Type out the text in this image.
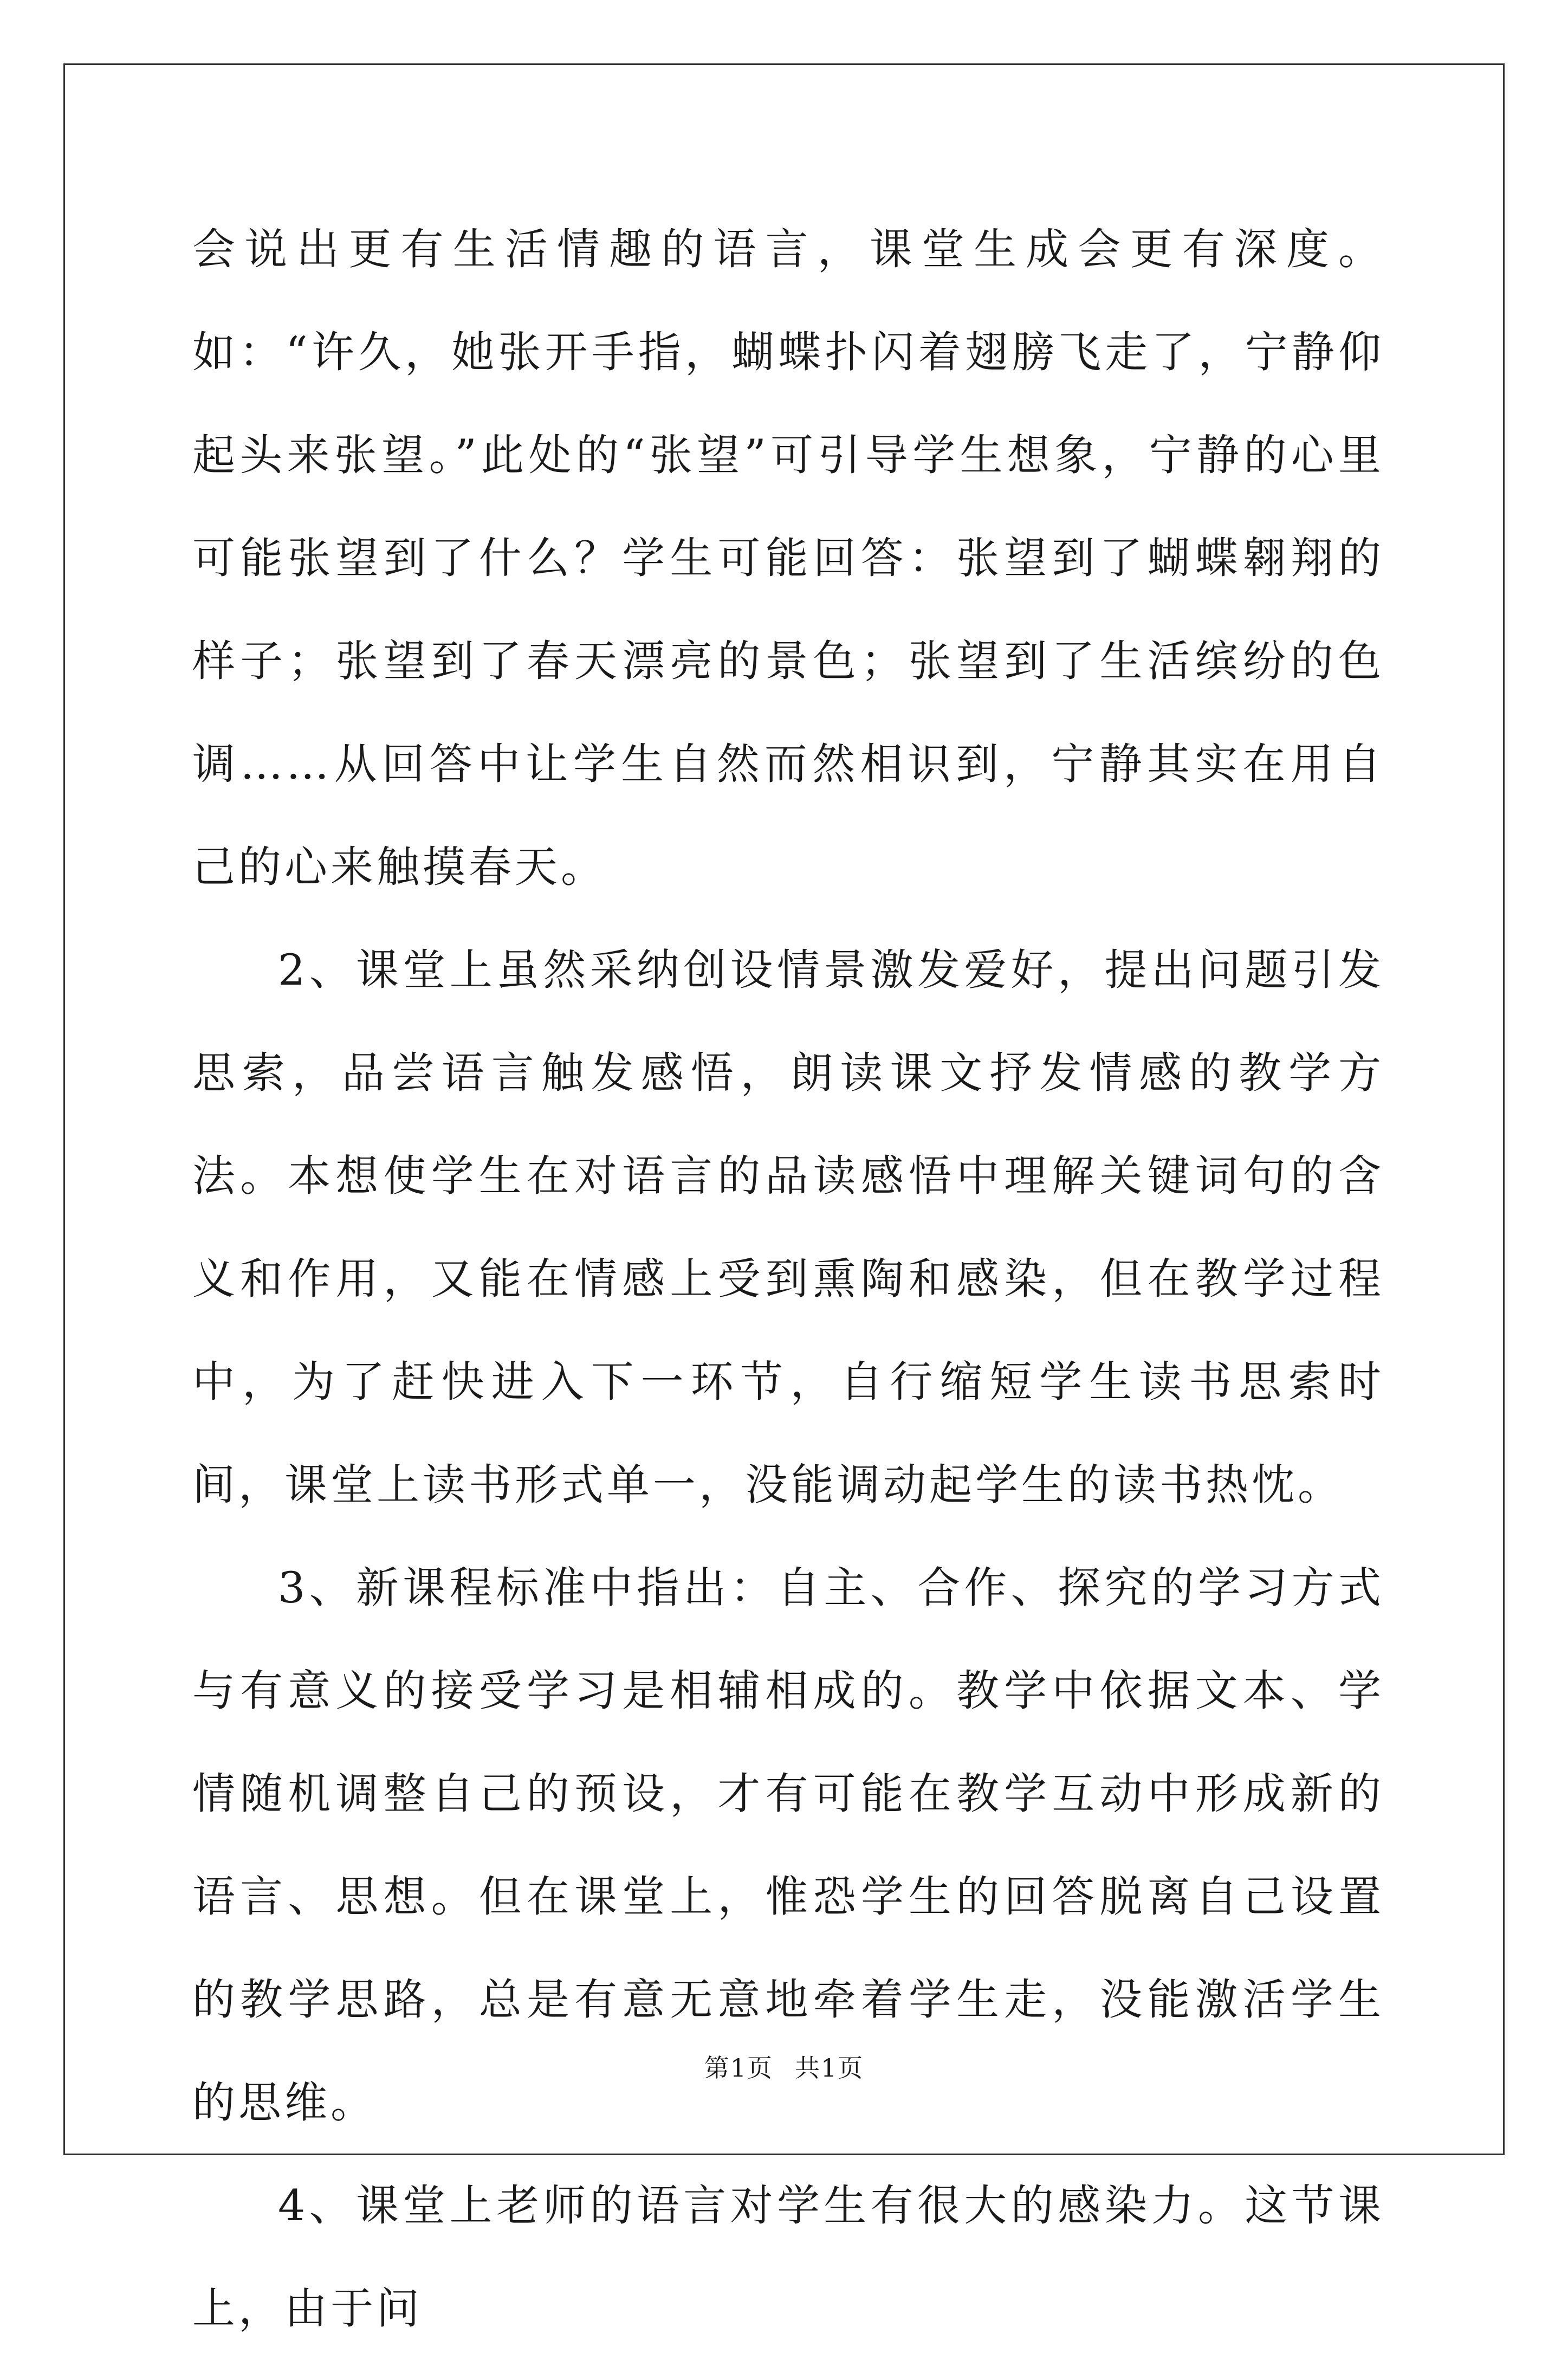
会说出更有生活情趣的语言，课堂生成会更有深度。如：“许久，她张开手指，蝴蝶扑闪着翅膀飞走了，宁静仰起头来张望。”此处的“张望”可引导学生想象，宁静的心里可能张望到了什么？学生可能回答：张望到了蝴蝶翱翔的样子；张望到了春天漂亮的景色；张望到了生活缤纷的色调……从回答中让学生自然而然相识到，宁静其实在用自己的心来触摸春天。

2、课堂上虽然采纳创设情景激发爱好，提出问题引发思索，品尝语言触发感悟，朗读课文抒发情感的教学方法。本想使学生在对语言的品读感悟中理解关键词句的含义和作用，又能在情感上受到熏陶和感染，但在教学过程中，为了赶快进入下一环节，自行缩短学生读书思索时间，课堂上读书形式单一，没能调动起学生的读书热忱。

3、新课程标准中指出：自主、合作、探究的学习方式与有意义的接受学习是相辅相成的。教学中依据文本、学情随机调整自己的预设，才有可能在教学互动中形成新的语言、思想。但在课堂上，惟恐学生的回答脱离自己设置的教学思路，总是有意无意地牵着学生走，没能激活学生的思维。

4、课堂上老师的语言对学生有很大的感染力。这节课上，由于问

第1页 共1页
